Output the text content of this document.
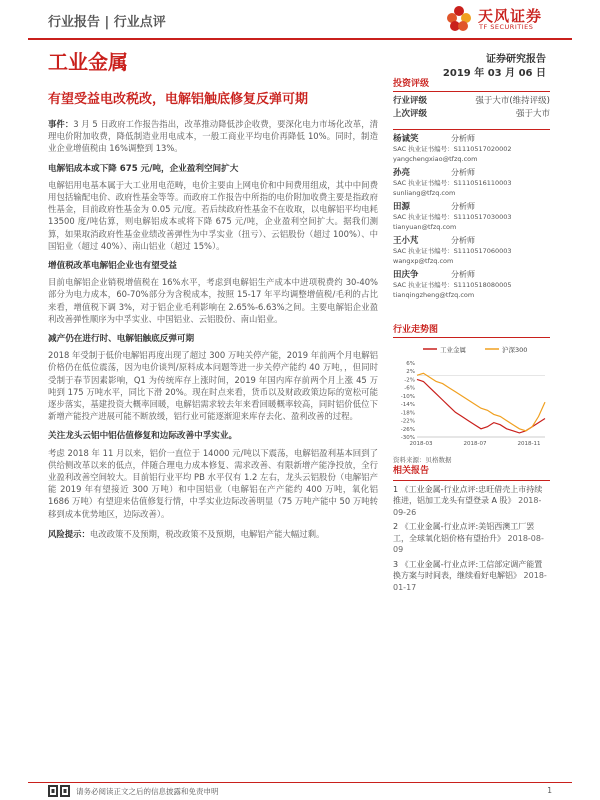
行业报告 | 行业点评	天风证券
TF SECURITIES
工业金属	证券研究报告
2019 年 03 月 06 日
有望受益电改税改，电解铝触底修复反弹可期

事件：3 月 5 日政府工作报告指出，改革推动降低涉企收费，要深化电力市场化改革，清理电价附加收费，降低制造业用电成本，一般工商业平均电价再降低 10%。同时，制造业企业增值税由 16%调整到 13%。

电解铝成本或下降 675 元/吨，企业盈利空间扩大

电解铝用电基本属于大工业用电范畴，电价主要由上网电价和中间费用组成，其中中间费用包括输配电价、政府性基金等等。而政府工作报告中所指的电价附加收费主要是指政府性基金，目前政府性基金为 0.05 元/度。若后续政府性基金不在收取，以电解铝平均电耗 13500 度/吨估算，则电解铝成本或将下降 675 元/吨，企业盈利空间扩大。据我们测算，如果取消政府性基金业绩改善弹性为中孚实业（扭亏）、云铝股份（超过 100%）、中国铝业（超过 40%）、南山铝业（超过 15%）。

增值税改革电解铝企业也有望受益

目前电解铝企业销税增值税在 16%水平，考虑到电解铝生产成本中进项税费约 30-40%部分为电力成本，60-70%部分为含税成本，按照 15-17 年平均调整增值税/毛利的占比来看，增值税下调 3%，对于铝企业毛利影响在 2.65%-6.63%之间。主要电解铝企业盈利改善弹性顺序为中孚实业、中国铝业、云铝股份、南山铝业。

减产仍在进行时、电解铝触底反弹可期

2018 年受制于低价电解铝再度出现了超过 300 万吨关停产能，2019 年前两个月电解铝价格仍在低位震荡，因为电价谈判/原料成本问题等进一步关停产能约 40 万吨，，但同时受制于春节因素影响，Q1 为传统库存上涨时间，2019 年国内库存前两个月上涨 45 万吨到 175 万吨水平，同比下滑 20%。现在时点来看，货币以及财政政策边际的宽松可能逐步落实，基建投资大概率回暖，电解铝需求较去年来看回暖概率较高，同时铝价低位下新增产能投产进展可能不断放缓，铝行业可能逐渐迎来库存去化、盈利改善的过程。

关注龙头云铝中铝估值修复和边际改善中孚实业。

考虑 2018 年 11 月以来，铝价一直位于 14000 元/吨以下震荡，电解铝盈利基本回到了供给侧改革以来的低点，伴随合理电力成本修复、需求改善、有限新增产能净投放，全行业盈利改善空间较大。目前铝行业平均 PB 水平仅有 1.2 左右，龙头云铝股份（电解铝产能 2019 年有望接近 300 万吨）和中国铝业（电解铝在产产能约 400 万吨，氧化铝 1686 万吨）有望迎来估值修复行情，中孚实业边际改善明显（75 万吨产能中 50 万吨转移到成本优势地区，边际改善）。

风险提示：电改政策不及预期，税改政策不及预期，电解铝产能大幅过剩。

投资评级
行业评级	强于大市(维持评级)
上次评级	强于大市
杨诚笑	分析师
SAC 执业证书编号：S1110517020002
yangchengxiao@tfzq.com
孙亮	分析师
SAC 执业证书编号：S1110516110003
sunliang@tfzq.com
田源	分析师
SAC 执业证书编号：S1110517030003
tianyuan@tfzq.com
王小芃	分析师
SAC 执业证书编号：S1110517060003
wangxp@tfzq.com
田庆争	分析师
SAC 执业证书编号：S1110518080005
tianqingzheng@tfzq.com
行业走势图
工业金属	沪深300
6%
2%
-2%
-6%
-10%
-14%
-18%
-22%
-26%
-30%
2018-03	2018-07	2018-11
资料来源：贝格数据
相关报告
1 《工业金属-行业点评:忠旺借壳上市持续推进，铝加工龙头有望登录 A 股》 2018-09-26
2 《工业金属-行业点评:美铝西澳工厂罢工，全球氧化铝价格有望抬升》 2018-08-09
3 《工业金属-行业点评:工信部定调产能置换方案与时间表，继续看好电解铝》 2018-01-17
请务必阅读正文之后的信息披露和免责申明	1
